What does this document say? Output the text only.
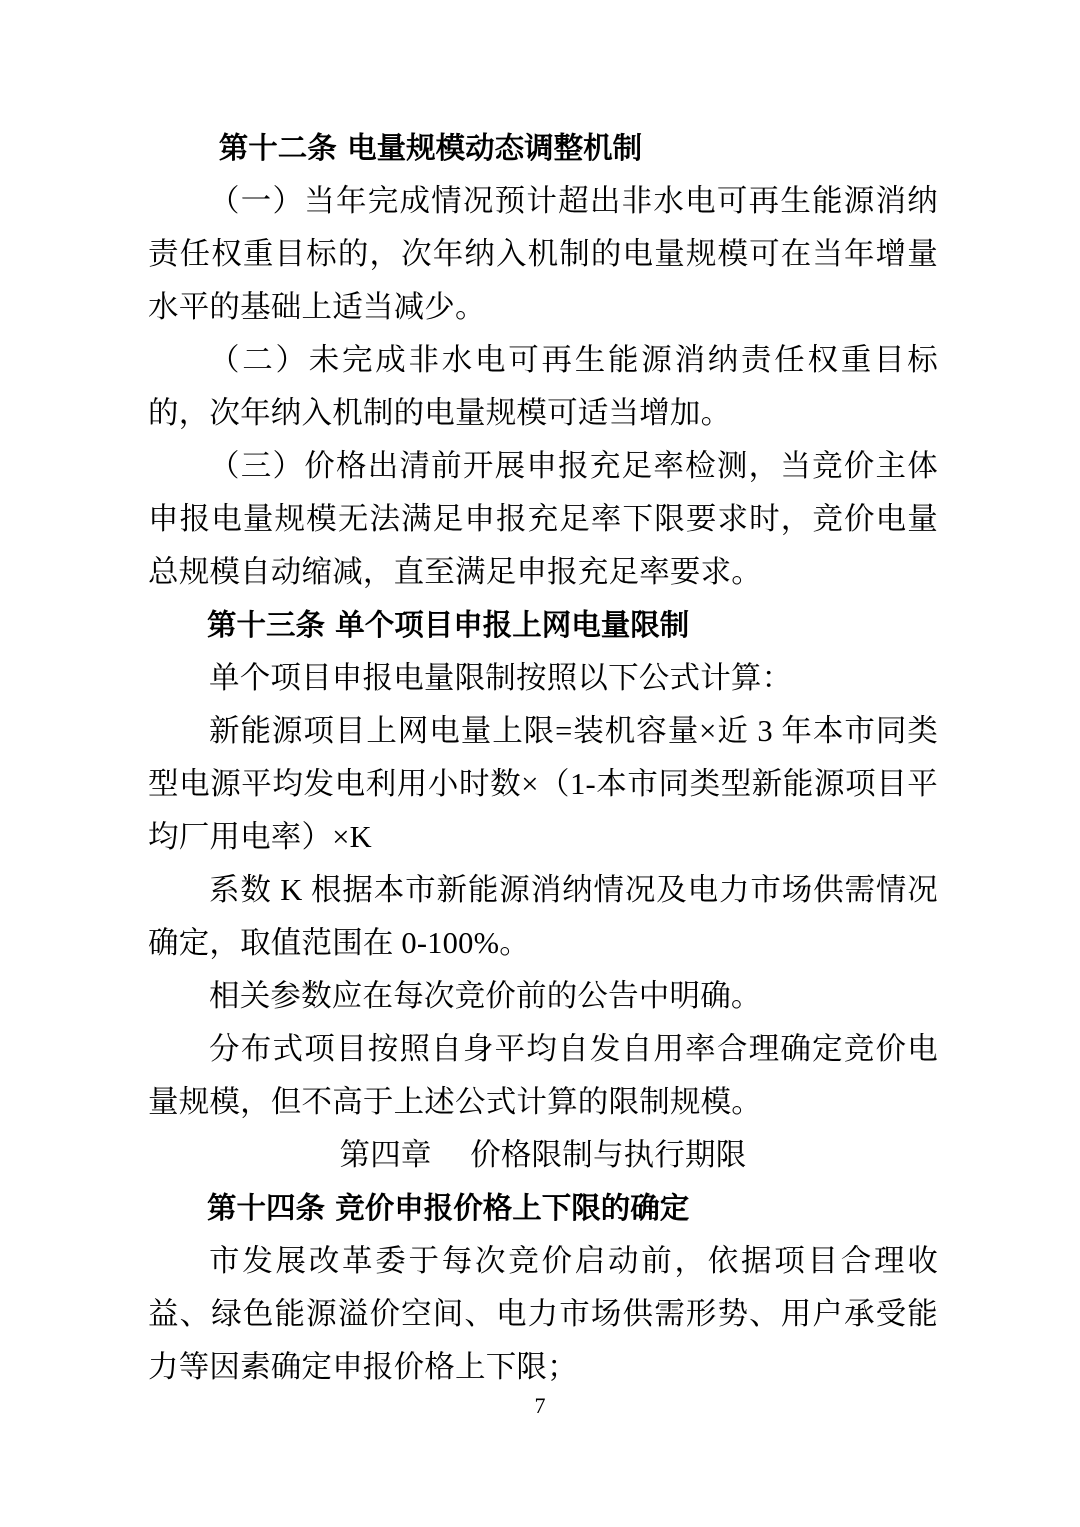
第十二条 电量规模动态调整机制

（一）当年完成情况预计超出非水电可再生能源消纳责任权重目标的，次年纳入机制的电量规模可在当年增量水平的基础上适当减少。

（二）未完成非水电可再生能源消纳责任权重目标的，次年纳入机制的电量规模可适当增加。

（三）价格出清前开展申报充足率检测，当竞价主体申报电量规模无法满足申报充足率下限要求时，竞价电量总规模自动缩减，直至满足申报充足率要求。

第十三条 单个项目申报上网电量限制

单个项目申报电量限制按照以下公式计算：

新能源项目上网电量上限=装机容量×近 3 年本市同类型电源平均发电利用小时数×（1-本市同类型新能源项目平均厂用电率）×K

系数 K 根据本市新能源消纳情况及电力市场供需情况确定，取值范围在 0-100%。

相关参数应在每次竞价前的公告中明确。

分布式项目按照自身平均自发自用率合理确定竞价电量规模，但不高于上述公式计算的限制规模。

第四章　 价格限制与执行期限

第十四条 竞价申报价格上下限的确定

市发展改革委于每次竞价启动前，依据项目合理收益、绿色能源溢价空间、电力市场供需形势、用户承受能力等因素确定申报价格上下限；

7
